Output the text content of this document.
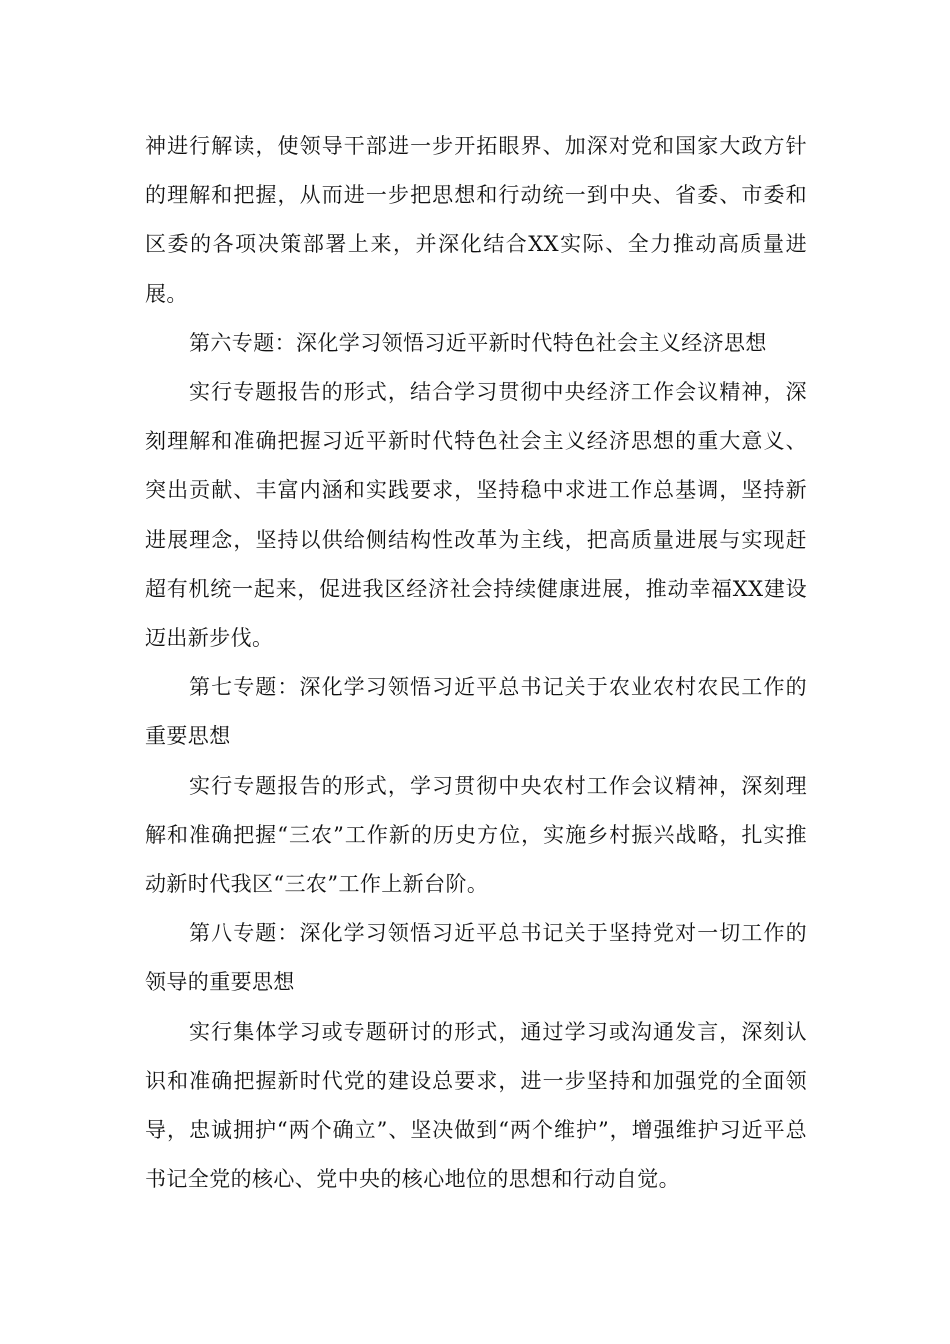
神进行解读，使领导干部进一步开拓眼界、加深对党和国家大政方针的理解和把握，从而进一步把思想和行动统一到中央、省委、市委和区委的各项决策部署上来，并深化结合XX实际、全力推动高质量进展。

第六专题：深化学习领悟习近平新时代特色社会主义经济思想

实行专题报告的形式，结合学习贯彻中央经济工作会议精神，深刻理解和准确把握习近平新时代特色社会主义经济思想的重大意义、突出贡献、丰富内涵和实践要求，坚持稳中求进工作总基调，坚持新进展理念，坚持以供给侧结构性改革为主线，把高质量进展与实现赶超有机统一起来，促进我区经济社会持续健康进展，推动幸福XX建设迈出新步伐。

第七专题：深化学习领悟习近平总书记关于农业农村农民工作的重要思想

实行专题报告的形式，学习贯彻中央农村工作会议精神，深刻理解和准确把握“三农”工作新的历史方位，实施乡村振兴战略，扎实推动新时代我区“三农”工作上新台阶。

第八专题：深化学习领悟习近平总书记关于坚持党对一切工作的领导的重要思想

实行集体学习或专题研讨的形式，通过学习或沟通发言，深刻认识和准确把握新时代党的建设总要求，进一步坚持和加强党的全面领导，忠诚拥护“两个确立”、坚决做到“两个维护”，增强维护习近平总书记全党的核心、党中央的核心地位的思想和行动自觉。
